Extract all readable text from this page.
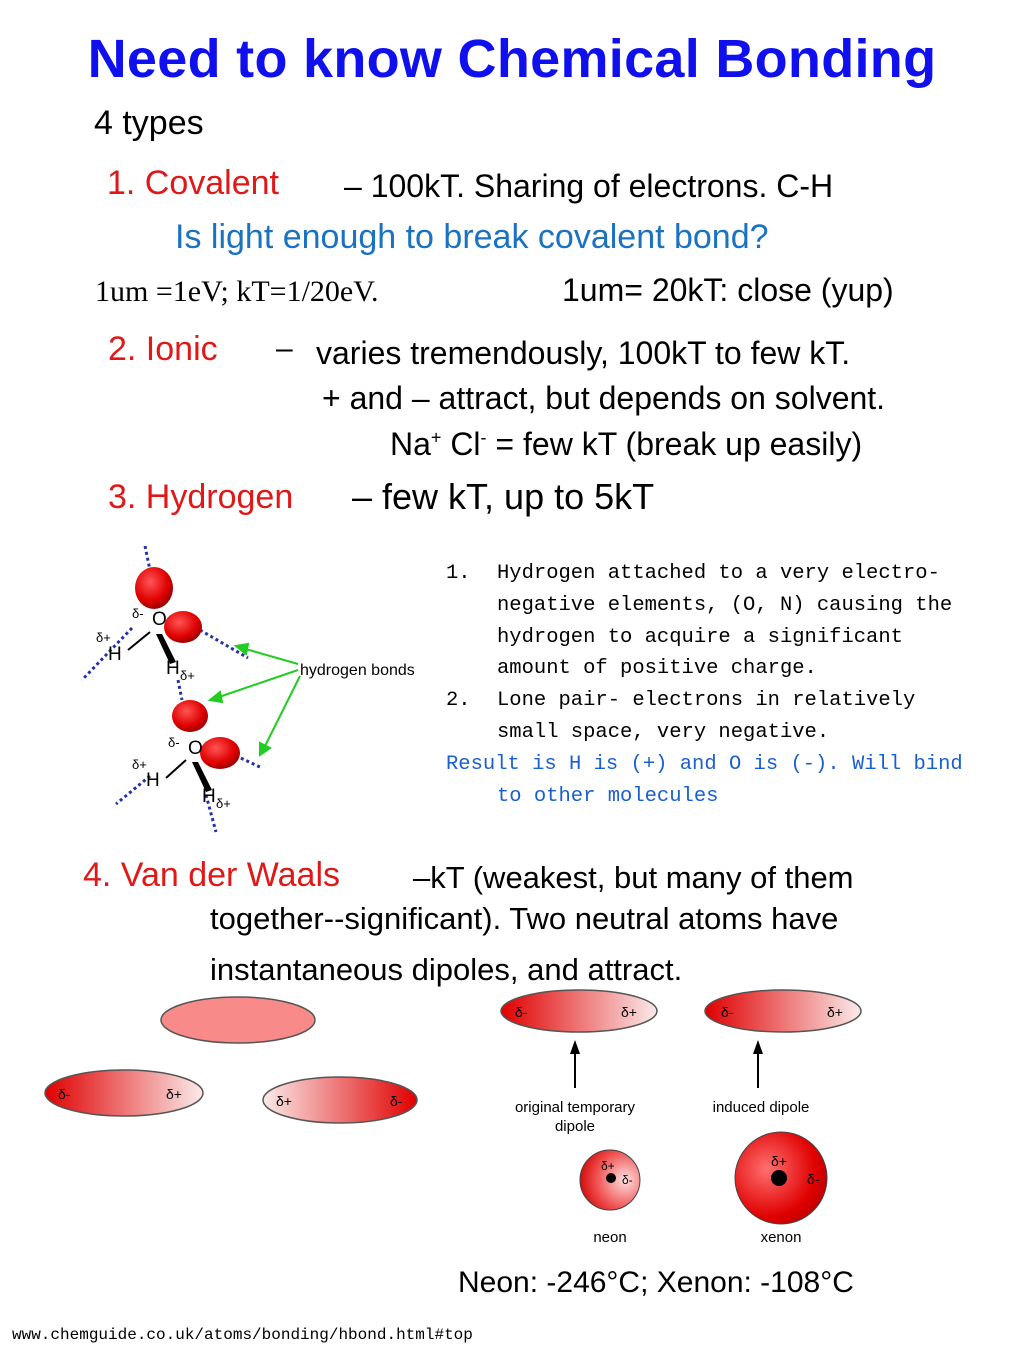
Need to know Chemical Bonding
4 types
1. Covalent – 100kT. Sharing of electrons. C-H
Is light enough to break covalent bond?
1um =1eV; kT=1/20eV.	1um= 20kT: close (yup)
2. Ionic – varies tremendously, 100kT to few kT.
+ and – attract, but depends on solvent.
Na+ Cl- = few kT (break up easily)
3. Hydrogen – few kT, up to 5kT
O
δ-
δ+
H
H δ+
O
δ-
δ+
H
H δ+
hydrogen bonds
1.	Hydrogen attached to a very electro-negative elements, (O, N) causing the hydrogen to acquire a significant amount of positive charge.
2.	Lone pair- electrons in relatively small space, very negative.
Result is H is (+) and O is (-). Will bind to other molecules
4. Van der Waals –kT (weakest, but many of them
together--significant). Two neutral atoms have
instantaneous dipoles, and attract.
δ-	δ+	δ+	δ-
δ-	δ+	δ-	δ+
original temporary
dipole
induced dipole
δ+
δ-
neon
δ+
δ-
xenon
Neon: -246°C; Xenon: -108°C
www.chemguide.co.uk/atoms/bonding/hbond.html#top
